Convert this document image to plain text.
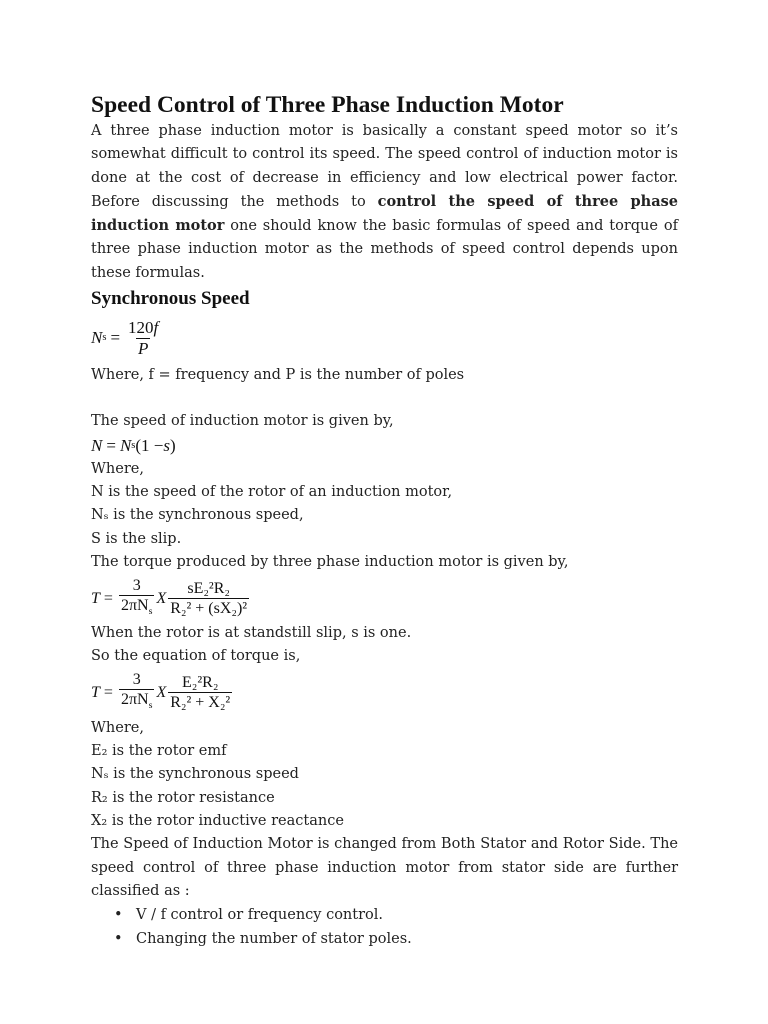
Speed Control of Three Phase Induction Motor

A three phase induction motor is basically a constant speed motor so it’s somewhat difficult to control its speed. The speed control of induction motor is done at the cost of decrease in efficiency and low electrical power factor. Before discussing the methods to control the speed of three phase induction motor one should know the basic formulas of speed and torque of three phase induction motor as the methods of speed control depends upon these formulas.

Synchronous Speed
N $s = \frac{120f}{P}$

Where, f = frequency and P is the number of poles

The speed of induction motor is given by,

N = N s (1 − s )

Where,

N is the speed of the rotor of an induction motor,

Nₛ is the synchronous speed,

S is the slip.

The torque produced by three phase induction motor is given by,

$T = \frac{3}{2\pi N_s}$ X $\frac{\text{sE₂²R₂}}{\text{R₂² + (sX₂)²}}$

When the rotor is at standstill slip, s is one.

So the equation of torque is,

$T = \frac{3}{2\pi N_s}$ X $\frac{\text{E₂²R₂}}{\text{R₂² + X₂²}}$

Where,

E₂ is the rotor emf

Nₛ is the synchronous speed

R₂ is the rotor resistance

X₂ is the rotor inductive reactance

The Speed of Induction Motor is changed from Both Stator and Rotor Side. The speed control of three phase induction motor from stator side are further classified as :

• V / f control or frequency control.
• Changing the number of stator poles.
